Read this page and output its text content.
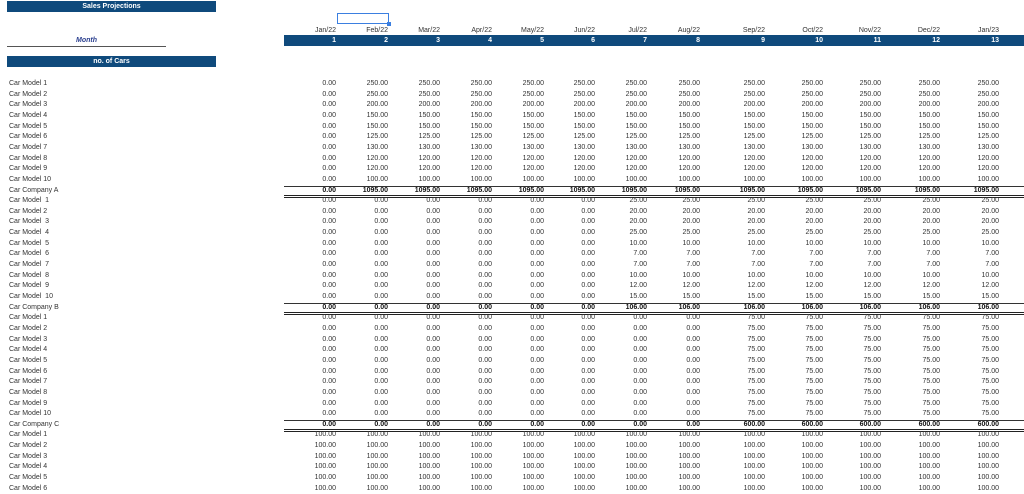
Sales Projections
Jan/22	Feb/22	Mar/22	Apr/22	May/22	Jun/22	Jul/22	Aug/22	Sep/22	Oct/22	Nov/22	Dec/22	Jan/23
1	2	3	4	5	6	7	8	9	10	11	12	13
Month
no. of Cars
Car Model 1	0.00	250.00	250.00	250.00	250.00	250.00	250.00	250.00	250.00	250.00	250.00	250.00	250.00
Car Model 2	0.00	250.00	250.00	250.00	250.00	250.00	250.00	250.00	250.00	250.00	250.00	250.00	250.00
Car Model 3	0.00	200.00	200.00	200.00	200.00	200.00	200.00	200.00	200.00	200.00	200.00	200.00	200.00
Car Model 4	0.00	150.00	150.00	150.00	150.00	150.00	150.00	150.00	150.00	150.00	150.00	150.00	150.00
Car Model 5	0.00	150.00	150.00	150.00	150.00	150.00	150.00	150.00	150.00	150.00	150.00	150.00	150.00
Car Model 6	0.00	125.00	125.00	125.00	125.00	125.00	125.00	125.00	125.00	125.00	125.00	125.00	125.00
Car Model 7	0.00	130.00	130.00	130.00	130.00	130.00	130.00	130.00	130.00	130.00	130.00	130.00	130.00
Car Model 8	0.00	120.00	120.00	120.00	120.00	120.00	120.00	120.00	120.00	120.00	120.00	120.00	120.00
Car Model 9	0.00	120.00	120.00	120.00	120.00	120.00	120.00	120.00	120.00	120.00	120.00	120.00	120.00
Car Model 10	0.00	100.00	100.00	100.00	100.00	100.00	100.00	100.00	100.00	100.00	100.00	100.00	100.00
Car Company A	0.00	1095.00	1095.00	1095.00	1095.00	1095.00	1095.00	1095.00	1095.00	1095.00	1095.00	1095.00	1095.00
Car Model  1	0.00	0.00	0.00	0.00	0.00	0.00	25.00	25.00	25.00	25.00	25.00	25.00	25.00
Car Model 2	0.00	0.00	0.00	0.00	0.00	0.00	20.00	20.00	20.00	20.00	20.00	20.00	20.00
Car Model  3	0.00	0.00	0.00	0.00	0.00	0.00	20.00	20.00	20.00	20.00	20.00	20.00	20.00
Car Model  4	0.00	0.00	0.00	0.00	0.00	0.00	25.00	25.00	25.00	25.00	25.00	25.00	25.00
Car Model  5	0.00	0.00	0.00	0.00	0.00	0.00	10.00	10.00	10.00	10.00	10.00	10.00	10.00
Car Model  6	0.00	0.00	0.00	0.00	0.00	0.00	7.00	7.00	7.00	7.00	7.00	7.00	7.00
Car Model  7	0.00	0.00	0.00	0.00	0.00	0.00	7.00	7.00	7.00	7.00	7.00	7.00	7.00
Car Model  8	0.00	0.00	0.00	0.00	0.00	0.00	10.00	10.00	10.00	10.00	10.00	10.00	10.00
Car Model  9	0.00	0.00	0.00	0.00	0.00	0.00	12.00	12.00	12.00	12.00	12.00	12.00	12.00
Car Model  10	0.00	0.00	0.00	0.00	0.00	0.00	15.00	15.00	15.00	15.00	15.00	15.00	15.00
Car Company B	0.00	0.00	0.00	0.00	0.00	0.00	106.00	106.00	106.00	106.00	106.00	106.00	106.00
Car Model 1	0.00	0.00	0.00	0.00	0.00	0.00	0.00	0.00	75.00	75.00	75.00	75.00	75.00
Car Model 2	0.00	0.00	0.00	0.00	0.00	0.00	0.00	0.00	75.00	75.00	75.00	75.00	75.00
Car Model 3	0.00	0.00	0.00	0.00	0.00	0.00	0.00	0.00	75.00	75.00	75.00	75.00	75.00
Car Model 4	0.00	0.00	0.00	0.00	0.00	0.00	0.00	0.00	75.00	75.00	75.00	75.00	75.00
Car Model 5	0.00	0.00	0.00	0.00	0.00	0.00	0.00	0.00	75.00	75.00	75.00	75.00	75.00
Car Model 6	0.00	0.00	0.00	0.00	0.00	0.00	0.00	0.00	75.00	75.00	75.00	75.00	75.00
Car Model 7	0.00	0.00	0.00	0.00	0.00	0.00	0.00	0.00	75.00	75.00	75.00	75.00	75.00
Car Model 8	0.00	0.00	0.00	0.00	0.00	0.00	0.00	0.00	75.00	75.00	75.00	75.00	75.00
Car Model 9	0.00	0.00	0.00	0.00	0.00	0.00	0.00	0.00	75.00	75.00	75.00	75.00	75.00
Car Model 10	0.00	0.00	0.00	0.00	0.00	0.00	0.00	0.00	75.00	75.00	75.00	75.00	75.00
Car Company C	0.00	0.00	0.00	0.00	0.00	0.00	0.00	0.00	600.00	600.00	600.00	600.00	600.00
Car Model 1	100.00	100.00	100.00	100.00	100.00	100.00	100.00	100.00	100.00	100.00	100.00	100.00	100.00
Car Model 2	100.00	100.00	100.00	100.00	100.00	100.00	100.00	100.00	100.00	100.00	100.00	100.00	100.00
Car Model 3	100.00	100.00	100.00	100.00	100.00	100.00	100.00	100.00	100.00	100.00	100.00	100.00	100.00
Car Model 4	100.00	100.00	100.00	100.00	100.00	100.00	100.00	100.00	100.00	100.00	100.00	100.00	100.00
Car Model 5	100.00	100.00	100.00	100.00	100.00	100.00	100.00	100.00	100.00	100.00	100.00	100.00	100.00
Car Model 6	100.00	100.00	100.00	100.00	100.00	100.00	100.00	100.00	100.00	100.00	100.00	100.00	100.00
